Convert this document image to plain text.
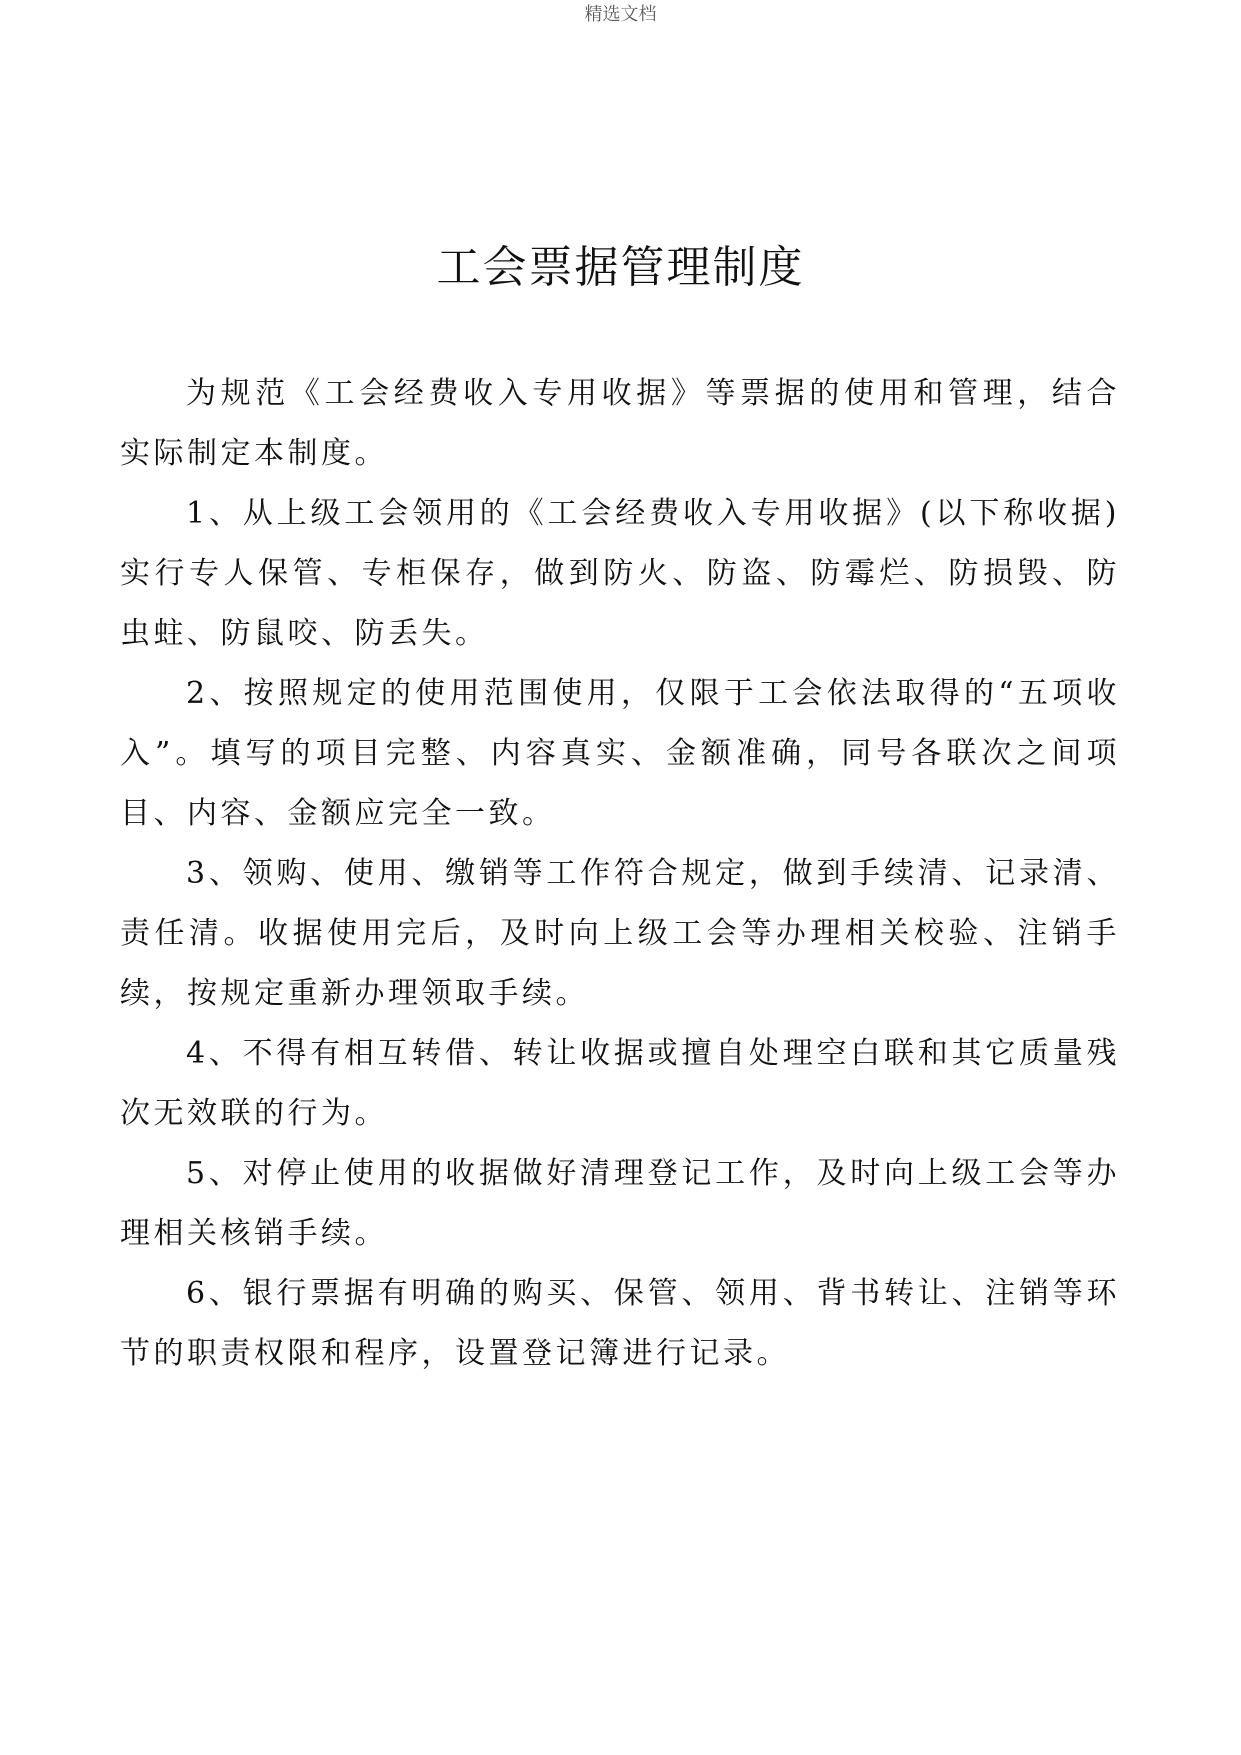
精选文档
工会票据管理制度

为规范《工会经费收入专用收据》等票据的使用和管理，结合实际制定本制度。

1、从上级工会领用的《工会经费收入专用收据》(以下称收据)实行专人保管、专柜保存，做到防火、防盗、防霉烂、防损毁、防虫蛀、防鼠咬、防丢失。

2、按照规定的使用范围使用，仅限于工会依法取得的“五项收入”。填写的项目完整、内容真实、金额准确，同号各联次之间项目、内容、金额应完全一致。

3、领购、使用、缴销等工作符合规定，做到手续清、记录清、责任清。收据使用完后，及时向上级工会等办理相关校验、注销手续，按规定重新办理领取手续。

4、不得有相互转借、转让收据或擅自处理空白联和其它质量残次无效联的行为。

5、对停止使用的收据做好清理登记工作，及时向上级工会等办理相关核销手续。

6、银行票据有明确的购买、保管、领用、背书转让、注销等环节的职责权限和程序，设置登记簿进行记录。
